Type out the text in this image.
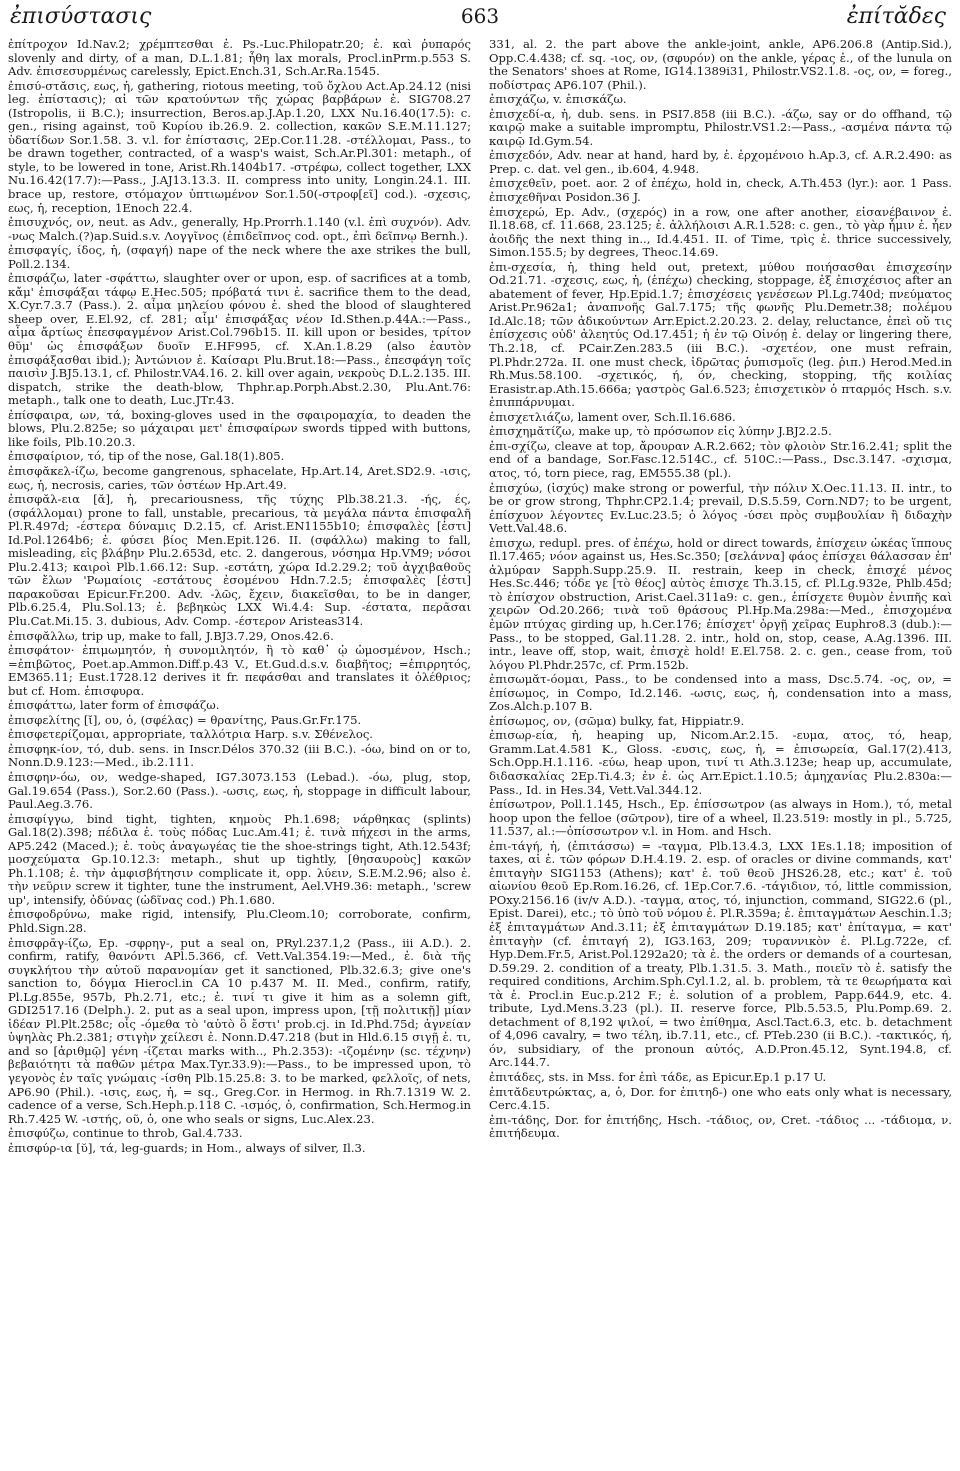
ἐπισύστασις	663	ἐπίτᾰδες

ἐπίτροχον Id.Nav.2; χρέμπτεσθαι ἐ. Ps.-Luc.Philopatr.20; ἐ. καὶ ῥυπαρός slovenly and dirty, of a man, D.L.1.81; ἦθη lax morals, Procl.inPrm.p.553 S. Adv. ἐπισεσυρμένως carelessly, Epict.Ench.31, Sch.Ar.Ra.1545.

ἐπισύ-στᾰσις, εως, ἡ, gathering, riotous meeting, τοῦ ὄχλου Act.Ap.24.12 (nisi leg. ἐπίστασις); αἱ τῶν κρατούντων τῆς χώρας βαρβάρων ἐ. SIG708.27 (Istropolis, ii B.C.); insurrection, Beros.ap.J.Ap.1.20, LXX Nu.16.40(17.5): c. gen., rising against, τοῦ Κυρίου ib.26.9. 2. collection, κακῶν S.E.M.11.127; ὑδατίδων Sor.1.58. 3. v.l. for ἐπίστασις, 2Ep.Cor.11.28. -στέλλομαι, Pass., to be drawn together, contracted, of a wasp's waist, Sch.Ar.Pl.301: metaph., of style, to be lowered in tone, Arist.Rh.1404b17. -στρέφω, collect together, LXX Nu.16.42(17.7):—Pass., J.AJ13.13.3. II. compress into unity, Longin.24.1. III. brace up, restore, στόμαχον ὑπτιωμένον Sor.1.50(-στροφ[εῖ] cod.). -σχεσις, εως, ἡ, reception, 1Enoch 22.4.

ἐπισυχνός, ον, neut. as Adv., generally, Hp.Prorrh.1.140 (v.l. ἐπὶ συχνόν). Adv. -νως Malch.(?)ap.Suid.s.v. Λογγῖνος (ἐπιδεῖπνος cod. opt., ἐπὶ δεῖπνῳ Bernh.).

ἐπισφαγίς, ίδος, ἡ, (σφαγή) nape of the neck where the axe strikes the bull, Poll.2.134.

ἐπισφάζω, later -σφάττω, slaughter over or upon, esp. of sacrifices at a tomb, κἄμ' ἐπισφάξαι τάφῳ E.Hec.505; πρόβατά τινι ἐ. sacrifice them to the dead, X.Cyr.7.3.7 (Pass.). 2. αἷμα μηλείου φόνου ἐ. shed the blood of slaughtered sheep over, E.El.92, cf. 281; αἷμ' ἐπισφάξας νέον Id.Sthen.p.44A.:—Pass., αἷμα ἄρτίως ἐπεσφαγμένον Arist.Col.796b15. II. kill upon or besides, τρίτον θῦμ' ὡς ἐπισφάξων δυοῖν E.HF995, cf. X.An.1.8.29 (also ἑαυτὸν ἐπισφάξασθαι ibid.); Ἀντώνιον ἐ. Καίσαρι Plu.Brut.18:—Pass., ἐπεσφάγη τοῖς παισὶν J.BJ5.13.1, cf. Philostr.VA4.16. 2. kill over again, νεκροὺς D.L.2.135. III. dispatch, strike the death-blow, Thphr.ap.Porph.Abst.2.30, Plu.Ant.76: metaph., talk one to death, Luc.JTr.43.

ἐπίσφαιρα, ων, τά, boxing-gloves used in the σφαιρομαχία, to deaden the blows, Plu.2.825e; so μάχαιραι μετ' ἐπισφαίρων swords tipped with buttons, like foils, Plb.10.20.3.

ἐπισφαίριον, τό, tip of the nose, Gal.18(1).805.

ἐπισφᾰκελ-ίζω, become gangrenous, sphacelate, Hp.Art.14, Aret.SD2.9. -ισις, εως, ἡ, necrosis, caries, τῶν ὀστέων Hp.Art.49.

ἐπισφᾰλ-εια [ᾰ], ἡ, precariousness, τῆς τύχης Plb.38.21.3. -ής, ές, (σφάλλομαι) prone to fall, unstable, precarious, τὰ μεγάλα πάντα ἐπισφαλῆ Pl.R.497d; -έστερα δύναμις D.2.15, cf. Arist.EN1155b10; ἐπισφαλὲς [ἐστι] Id.Pol.1264b6; ἐ. φύσει βίος Men.Epit.126. II. (σφάλλω) making to fall, misleading, εἰς βλάβην Plu.2.653d, etc. 2. dangerous, νόσημα Hp.VM9; νόσοι Plu.2.413; καιροὶ Plb.1.66.12: Sup. -εστάτη, χώρα Id.2.29.2; τοῦ ἀγχιβαθοῦς τῶν ἔλων 'Ρωμαίοις -εστάτους ἐσομένου Hdn.7.2.5; ἐπισφαλὲς [ἐστι] παρακοῦσαι Epicur.Fr.200. Adv. -λῶς, ἔχειν, διακεῖσθαι, to be in danger, Plb.6.25.4, Plu.Sol.13; ἐ. βεβηκὼς LXX Wi.4.4: Sup. -έστατα, περᾶσαι Plu.Cat.Mi.15. 3. dubious, Adv. Comp. -έστερον Aristeas314.

ἐπισφᾰλλω, trip up, make to fall, J.BJ3.7.29, Onos.42.6.

ἐπισφάτον· ἐπιμωμητόν, ἡ συνομιλητόν, ἢ τὸ καθ᾿ ᾠ ὠμοσμένον, Hsch.; =ἐπιβῶτος, Poet.ap.Ammon.Diff.p.43 V., Et.Gud.d.s.v. διαβῆτος; =ἐπιρρητός, EM365.11; Eust.1728.12 derives it fr. πεφάσθαι and translates it ὀλέθριος; but cf. Hom. ἐπισφυρα.

ἐπισφάττω, later form of ἐπισφάζω.

ἐπισφελίτης [ῐ], ου, ὁ, (σφέλας) = θρανίτης, Paus.Gr.Fr.175.

ἐπισφετερίζομαι, appropriate, ταλλότρια Harp. s.v. Σθένελος.

ἐπισφηκ-ίον, τό, dub. sens. in Inscr.Délos 370.32 (iii B.C.). -όω, bind on or to, Nonn.D.9.123:—Med., ib.2.111.

ἐπισφην-όω, ον, wedge-shaped, IG7.3073.153 (Lebad.). -όω, plug, stop, Gal.19.654 (Pass.), Sor.2.60 (Pass.). -ωσις, εως, ἡ, stoppage in difficult labour, Paul.Aeg.3.76.

ἐπισφίγγω, bind tight, tighten, κημοὺς Ph.1.698; νάρθηκας (splints) Gal.18(2).398; πέδιλα ἐ. τοὺς πόδας Luc.Am.41; ἐ. τινὰ πήχεσι in the arms, AP5.242 (Maced.); ἐ. τοὺς ἀναγωγέας tie the shoe-strings tight, Ath.12.543f; μοσχεύματα Gp.10.12.3: metaph., shut up tightly, [θησαυροὺς] κακῶν Ph.1.108; ἐ. τὴν ἀμφισβήτησιν complicate it, opp. λύειν, S.E.M.2.96; also ἐ. τὴν νεῦριν screw it tighter, tune the instrument, Ael.VH9.36: metaph., 'screw up', intensify, ὀδύνας (ὠδῖνας cod.) Ph.1.680.

ἐπισφοδρύνω, make rigid, intensify, Plu.Cleom.10; corroborate, confirm, Phld.Sign.28.

ἐπισφρᾱγ-ίζω, Ep. -σφρηγ-, put a seal on, PRyl.237.1,2 (Pass., iii A.D.). 2. confirm, ratify, θανόντι APl.5.366, cf. Vett.Val.354.19:—Med., ἐ. διὰ τῆς συγκλήτου τὴν αὐτοῦ παρανομίαν get it sanctioned, Plb.32.6.3; give one's sanction to, δόγμα Hierocl.in CA 10 p.437 M. II. Med., confirm, ratify, Pl.Lg.855e, 957b, Ph.2.71, etc.; ἐ. τινί τι give it him as a solemn gift, GDI2517.16 (Delph.). 2. put as a seal upon, impress upon, [τῇ πολιτικῇ] μίαν ἰδέαν Pl.Plt.258c; οἷς -όμεθα τὸ 'αὐτὸ ὃ ἔστι' prob.cj. in Id.Phd.75d; ἀγνείαν ὑψηλὰς Ph.2.381; στιγὴν χείλεσι ἐ. Nonn.D.47.218 (but in Hld.6.15 σιγῇ ἐ. τι, and so [ἀριθμῷ] γένη -ίζεται marks with.., Ph.2.353): -ιζομένην (sc. τέχνην) βεβαιότητι τὰ παθῶν μέτρα Max.Tyr.33.9):—Pass., to be impressed upon, τὸ γεγονὸς ἐν ταῖς γνώμαις -ίσθη Plb.15.25.8: 3. to be marked, φελλοῖς, of nets, AP6.90 (Phil.). -ισις, εως, ἡ, = sq., Greg.Cor. in Hermog. in Rh.7.1319 W. 2. cadence of a verse, Sch.Heph.p.118 C. -ισμός, ὁ, confirmation, Sch.Hermog.in Rh.7.425 W. -ιστής, οῦ, ὁ, one who seals or signs, Luc.Alex.23.

ἐπισφύζω, continue to throb, Gal.4.733.

ἐπισφύρ-ια [ῠ], τά, leg-guards; in Hom., always of silver, Il.3.

331, al. 2. the part above the ankle-joint, ankle, AP6.206.8 (Antip.Sid.), Opp.C.4.438; cf. sq. -ιος, ον, (σφυρόν) on the ankle, γέρας ἐ., of the lunula on the Senators' shoes at Rome, IG14.1389i31, Philostr.VS2.1.8. -ος, ον, = foreg., ποδίστρας AP6.107 (Phil.).

ἐπισχάζω, v. ἐπισκάζω.

ἐπισχεδί-α, ἡ, dub. sens. in PSI7.858 (iii B.C.). -άζω, say or do offhand, τῷ καιρῷ make a suitable impromptu, Philostr.VS1.2:—Pass., -ασμένα πάντα τῷ καιρῷ Id.Gym.54.

ἐπισχεδόν, Adv. near at hand, hard by, ἐ. ἐρχομένοιο h.Ap.3, cf. A.R.2.490: as Prep. c. dat. vel gen., ib.604, 4.948.

ἐπισχεθεῖν, poet. aor. 2 of ἐπέχω, hold in, check, A.Th.453 (lyr.): aor. 1 Pass. ἐπισχεθῆναι Posidon.36 J.

ἐπισχερώ, Ep. Adv., (σχερός) in a row, one after another, εἰσανέβαινον ἐ. Il.18.68, cf. 11.668, 23.125; ἐ. ἀλλήλοισι A.R.1.528: c. gen., τὸ γὰρ ἧμιν ἐ. ἦεν ἀοιδῆς the next thing in.., Id.4.451. II. of Time, τρὶς ἐ. thrice successively, Simon.155.5; by degrees, Theoc.14.69.

ἐπι-σχεσία, ἡ, thing held out, pretext, μύθου ποιήσασθαι ἐπισχεσίην Od.21.71. -σχεσις, εως, ἡ, (ἐπέχω) checking, stoppage, ἐξ ἐπισχέσιος after an abatement of fever, Hp.Epid.1.7; ἐπισχέσεις γενέσεων Pl.Lg.740d; πνεύματος Arist.Pr.962a1; ἀναπνοῆς Gal.7.175; τῆς φωνῆς Plu.Demetr.38; πολέμου Id.Alc.18; τῶν ἀδικούντων Arr.Epict.2.20.23. 2. delay, reluctance, ἐπεὶ οὔ τις ἐπίσχεσις οὐδ' ἀλεητύς Od.17.451; ἡ ἐν τῷ Οἰνόῃ ἐ. delay or lingering there, Th.2.18, cf. PCair.Zen.283.5 (iii B.C.). -σχετέον, one must refrain, Pl.Phdr.272a. II. one must check, ἱδρῶτας ῥυπισμοῖς (leg. ῥιπ.) Herod.Med.in Rh.Mus.58.100. -σχετικός, ή, όν, checking, stopping, τῆς κοιλίας Erasistr.ap.Ath.15.666a; γαστρὸς Gal.6.523; ἐπισχετικὸν ὁ πταρμός Hsch. s.v. ἐπιππάρνυμαι.

ἐπισχετλιάζω, lament over, Sch.Il.16.686.

ἐπισχημᾰτίζω, make up, τὸ πρόσωπον εἰς λύπην J.BJ2.2.5.

ἐπι-σχίζω, cleave at top, ἄρουραν A.R.2.662; τὸν φλοιὸν Str.16.2.41; split the end of a bandage, Sor.Fasc.12.514C., cf. 510C.:—Pass., Dsc.3.147. -σχισμα, ατος, τό, torn piece, rag, EM555.38 (pl.).

ἐπισχύω, (ἰσχύς) make strong or powerful, τὴν πόλιν X.Oec.11.13. II. intr., to be or grow strong, Thphr.CP2.1.4; prevail, D.S.5.59, Corn.ND7; to be urgent, ἐπίσχυον λέγοντες Ev.Luc.23.5; ὁ λόγος -ύσει πρὸς συμβουλίαν ἢ διδαχὴν Vett.Val.48.6.

ἐπισχω, redupl. pres. of ἐπέχω, hold or direct towards, ἐπίσχειν ὠκέας ἵππους Il.17.465; νόον against us, Hes.Sc.350; [σελάννα] φάος ἐπίσχει θάλασσαν ἐπ' ἀλμύραν Sapph.Supp.25.9. II. restrain, keep in check, ἐπισχέ μένος Hes.Sc.446; τόδε γε [τὸ θέος] αὐτὸς ἐπισχε Th.3.15, cf. Pl.Lg.932e, Phlb.45d; τὸ ἐπίσχον obstruction, Arist.Cael.311a9: c. gen., ἐπίσχετε θυμὸν ἐνιπῆς καὶ χειρῶν Od.20.266; τινὰ τοῦ θράσους Pl.Hp.Ma.298a:—Med., ἐπισχομένα ἐμῶν πτύχας girding up, h.Cer.176; ἐπίσχετ' ὀργῇ χεῖρας Euphro8.3 (dub.):—Pass., to be stopped, Gal.11.28. 2. intr., hold on, stop, cease, A.Ag.1396. III. intr., leave off, stop, wait, ἐπισχὲ hold! E.El.758. 2. c. gen., cease from, τοῦ λόγου Pl.Phdr.257c, cf. Prm.152b.

ἐπισωμᾰτ-όομαι, Pass., to be condensed into a mass, Dsc.5.74. -ος, ον, = ἐπίσωμος, in Compo, Id.2.146. -ωσις, εως, ἡ, condensation into a mass, Zos.Alch.p.107 B.

ἐπίσωμος, ον, (σῶμα) bulky, fat, Hippiatr.9.

ἐπισωρ-εία, ἡ, heaping up, Nicom.Ar.2.15. -ευμα, ατος, τό, heap, Gramm.Lat.4.581 K., Gloss. -ευσις, εως, ἡ, = ἐπισωρεία, Gal.17(2).413, Sch.Opp.H.1.116. -εύω, heap upon, τινί τι Ath.3.123e; heap up, accumulate, διδασκαλίας 2Ep.Ti.4.3; ἐν ἐ. ὡς Arr.Epict.1.10.5; ἀμηχανίας Plu.2.830a:—Pass., Id. in Hes.34, Vett.Val.344.12.

ἐπίσωτρον, Poll.1.145, Hsch., Ep. ἐπίσσωτρον (as always in Hom.), τό, metal hoop upon the felloe (σῶτρον), tire of a wheel, Il.23.519: mostly in pl., 5.725, 11.537, al.:—ὀπίσσωτρον v.l. in Hom. and Hsch.

ἐπι-τάγή, ἡ, (ἐπιτάσσω) = -ταγμα, Plb.13.4.3, LXX 1Es.1.18; imposition of taxes, αἱ ἐ. τῶν φόρων D.H.4.19. 2. esp. of oracles or divine commands, κατ' ἐπιταγὴν SIG1153 (Athens); κατ' ἐ. τοῦ θεοῦ JHS26.28, etc.; κατ' ἐ. τοῦ αἰωνίου θεοῦ Ep.Rom.16.26, cf. 1Ep.Cor.7.6. -τάγιδιον, τό, little commission, POxy.2156.16 (iv/v A.D.). -ταγμα, ατος, τό, injunction, command, SIG22.6 (pl., Epist. Darei), etc.; τὸ ὑπὸ τοῦ νόμου ἐ. Pl.R.359a; ἐ. ἐπιταγμάτων Aeschin.1.3; ἐξ ἐπιταγμάτων And.3.11; ἐξ ἐπιταγμάτων D.19.185; κατ' ἐπίταγμα, = κατ' ἐπιταγὴν (cf. ἐπιταγή 2), IG3.163, 209; τυραννικὸν ἐ. Pl.Lg.722e, cf. Hyp.Dem.Fr.5, Arist.Pol.1292a20; τὰ ἐ. the orders or demands of a courtesan, D.59.29. 2. condition of a treaty, Plb.1.31.5. 3. Math., ποιεῖν τὸ ἐ. satisfy the required conditions, Archim.Sph.Cyl.1.2, al. b. problem, τὰ τε θεωρήματα καὶ τὰ ἐ. Procl.in Euc.p.212 F.; ἐ. solution of a problem, Papp.644.9, etc. 4. tribute, Lyd.Mens.3.23 (pl.). II. reserve force, Plb.5.53.5, Plu.Pomp.69. 2. detachment of 8,192 ψιλοί, = two ἐπίθημα, Ascl.Tact.6.3, etc. b. detachment of 4,096 cavalry, = two τέλη, ib.7.11, etc., cf. PTeb.230 (ii B.C.). -τακτικός, ή, όν, subsidiary, of the pronoun αὐτός, A.D.Pron.45.12, Synt.194.8, cf. Arc.144.7.

ἐπιτάδες, sts. in Mss. for ἐπὶ τάδε, as Epicur.Ep.1 p.17 U.

ἐπιτᾰδευτρώκτας, a, ὁ, Dor. for ἐπιτηδ-) one who eats only what is necessary, Cerc.4.15.

ἐπι-τάδης, Dor. for ἐπιτήδης, Hsch. -τάδιος, ον, Cret. -τάδιος ... -τάδιομα, ν. ἐπιτήδευμα.
